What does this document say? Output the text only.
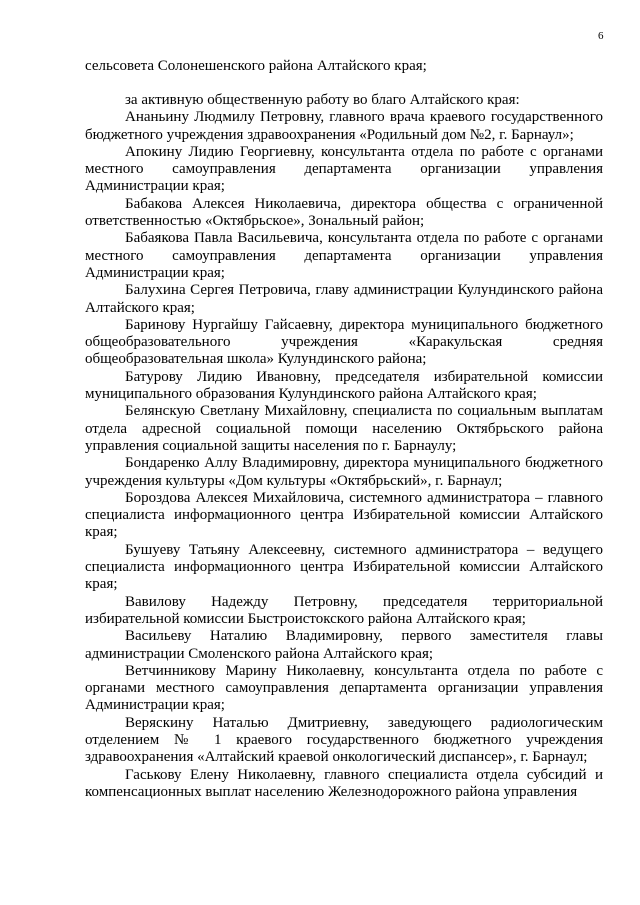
6
сельсовета Солонешенского района Алтайского края;

за активную общественную работу во благо Алтайского края:

Ананьину Людмилу Петровну, главного врача краевого государственного бюджетного учреждения здравоохранения «Родильный дом №2, г. Барнаул»;

Апокину Лидию Георгиевну, консультанта отдела по работе с органами местного самоуправления департамента организации управления Администрации края;

Бабакова Алексея Николаевича, директора общества с ограниченной ответственностью «Октябрьское», Зональный район;

Бабаякова Павла Васильевича, консультанта отдела по работе с органами местного самоуправления департамента организации управления Администрации края;

Балухина Сергея Петровича, главу администрации Кулундинского района Алтайского края;

Баринову Нургайшу Гайсаевну, директора муниципального бюджетного общеобразовательного учреждения «Каракульская средняя общеобразовательная школа» Кулундинского района;

Батурову Лидию Ивановну, председателя избирательной комиссии муниципального образования Кулундинского района Алтайского края;

Белянскую Светлану Михайловну, специалиста по социальным выплатам отдела адресной социальной помощи населению Октябрьского района управления социальной защиты населения по г. Барнаулу;

Бондаренко Аллу Владимировну, директора муниципального бюджетного учреждения культуры «Дом культуры «Октябрьский», г. Барнаул;

Бороздова Алексея Михайловича, системного администратора – главного специалиста информационного центра Избирательной комиссии Алтайского края;

Бушуеву Татьяну Алексеевну, системного администратора – ведущего специалиста информационного центра Избирательной комиссии Алтайского края;

Вавилову Надежду Петровну, председателя территориальной избирательной комиссии Быстроистокского района Алтайского края;

Васильеву Наталию Владимировну, первого заместителя главы администрации Смоленского района Алтайского края;

Ветчинникову Марину Николаевну, консультанта отдела по работе с органами местного самоуправления департамента организации управления Администрации края;

Веряскину Наталью Дмитриевну, заведующего радиологическим отделением № 1 краевого государственного бюджетного учреждения здравоохранения «Алтайский краевой онкологический диспансер», г. Барнаул;

Гаськову Елену Николаевну, главного специалиста отдела субсидий и компенсационных выплат населению Железнодорожного района управления
